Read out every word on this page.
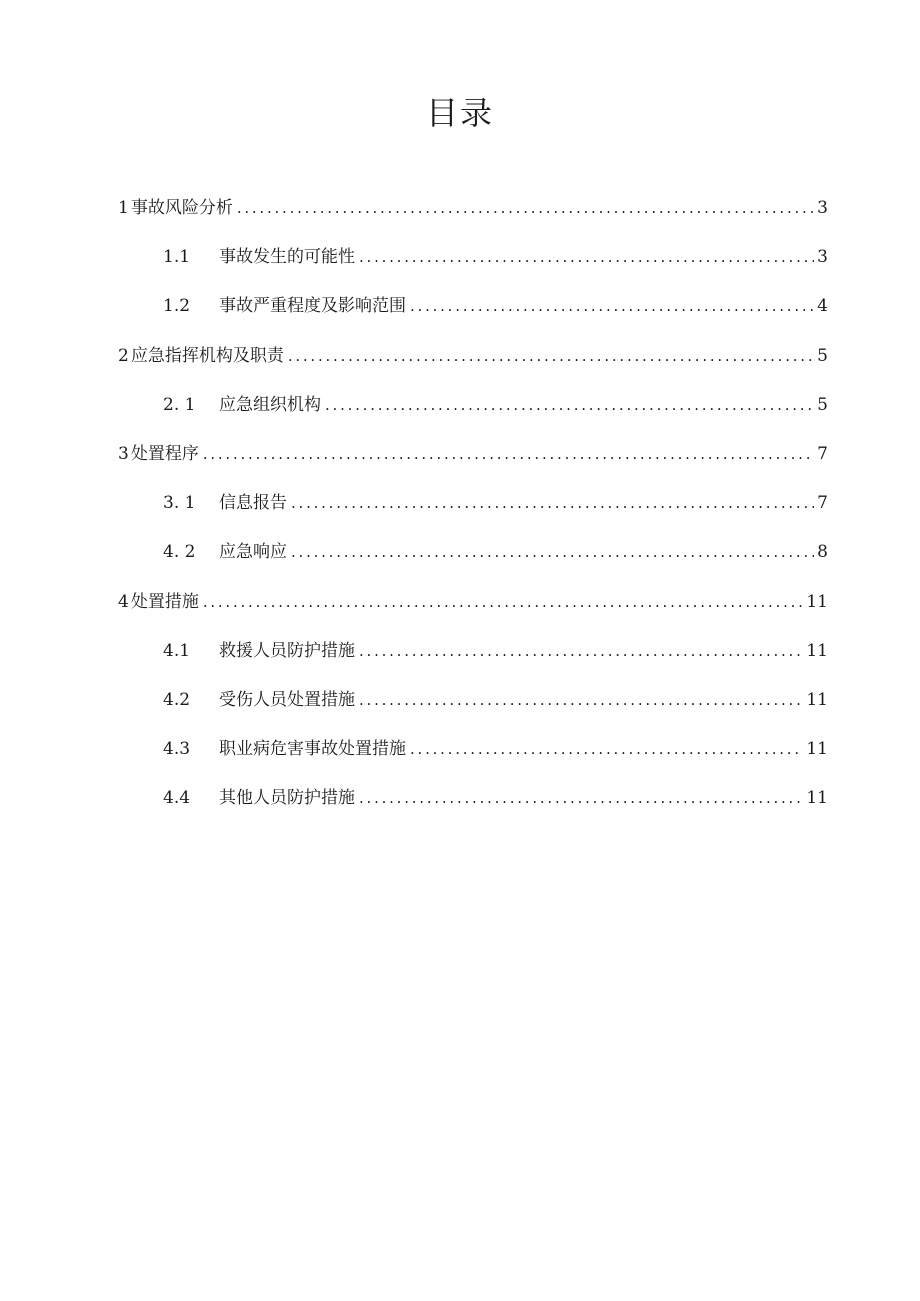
目录
1 事故风险分析 . . .	3
1.1	事故发生的可能性 . . .	3
1.2	事故严重程度及影响范围 . . .	4
2 应急指挥机构及职责 . . .	5
2. 1	应急组织机构 . . .	5
3 处置程序 . . .	7
3. 1	信息报告 . . .	7
4. 2	应急响应 . . .	8
4 处置措施 . . .	11
4.1	救援人员防护措施 . . .	11
4.2	受伤人员处置措施 . . .	11
4.3	职业病危害事故处置措施 . . .	11
4.4	其他人员防护措施 . . .	11
